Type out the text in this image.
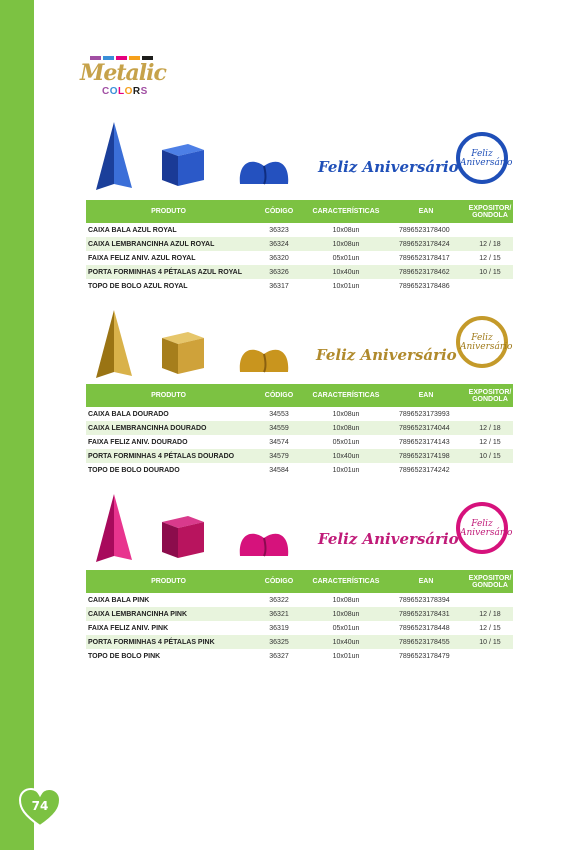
Metalic
COLORS
Feliz Aniversário
Feliz Aniversário
PRODUTO	CÓDIGO	CARACTERÍSTICAS	EAN	EXPOSITOR/ GONDOLA
CAIXA BALA AZUL ROYAL	36323	10x08un	7896523178400	
CAIXA LEMBRANCINHA AZUL ROYAL	36324	10x08un	7896523178424	12 / 18
FAIXA FELIZ ANIV. AZUL ROYAL	36320	05x01un	7896523178417	12 / 15
PORTA FORMINHAS 4 PÉTALAS AZUL ROYAL	36326	10x40un	7896523178462	10 / 15
TOPO DE BOLO AZUL ROYAL	36317	10x01un	7896523178486	
Feliz Aniversário
Feliz Aniversário
PRODUTO	CÓDIGO	CARACTERÍSTICAS	EAN	EXPOSITOR/ GONDOLA
CAIXA BALA DOURADO	34553	10x08un	7896523173993	
CAIXA LEMBRANCINHA DOURADO	34559	10x08un	7896523174044	12 / 18
FAIXA FELIZ ANIV. DOURADO	34574	05x01un	7896523174143	12 / 15
PORTA FORMINHAS 4 PÉTALAS DOURADO	34579	10x40un	7896523174198	10 / 15
TOPO DE BOLO DOURADO	34584	10x01un	7896523174242	
Feliz Aniversário
Feliz Aniversário
PRODUTO	CÓDIGO	CARACTERÍSTICAS	EAN	EXPOSITOR/ GONDOLA
CAIXA BALA PINK	36322	10x08un	7896523178394	
CAIXA LEMBRANCINHA PINK	36321	10x08un	7896523178431	12 / 18
FAIXA FELIZ ANIV. PINK	36319	05x01un	7896523178448	12 / 15
PORTA FORMINHAS 4 PÉTALAS PINK	36325	10x40un	7896523178455	10 / 15
TOPO DE BOLO PINK	36327	10x01un	7896523178479	
74
